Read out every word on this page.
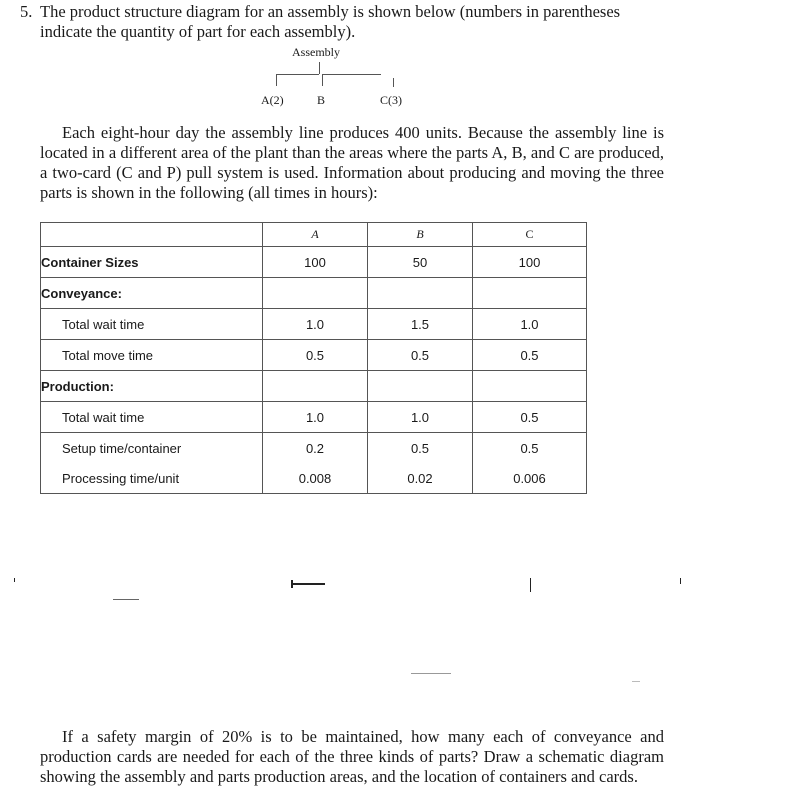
5. The product structure diagram for an assembly is shown below (numbers in parentheses
indicate the quantity of part for each assembly).

Assembly
A(2)	B	C(3)

Each eight-hour day the assembly line produces 400 units. Because the assembly line is located in a different area of the plant than the areas where the parts A, B, and C are produced, a two-card (C and P) pull system is used. Information about producing and moving the three parts is shown in the following (all times in hours):

	A	B	C
Container Sizes	100	50	100
Conveyance:			
Total wait time	1.0	1.5	1.0
Total move time	0.5	0.5	0.5
Production:			
Total wait time	1.0	1.0	0.5
Setup time/container	0.2	0.5	0.5
Processing time/unit	0.008	0.02	0.006

If a safety margin of 20% is to be maintained, how many each of conveyance and production cards are needed for each of the three kinds of parts? Draw a schematic diagram showing the assembly and parts production areas, and the location of containers and cards.
